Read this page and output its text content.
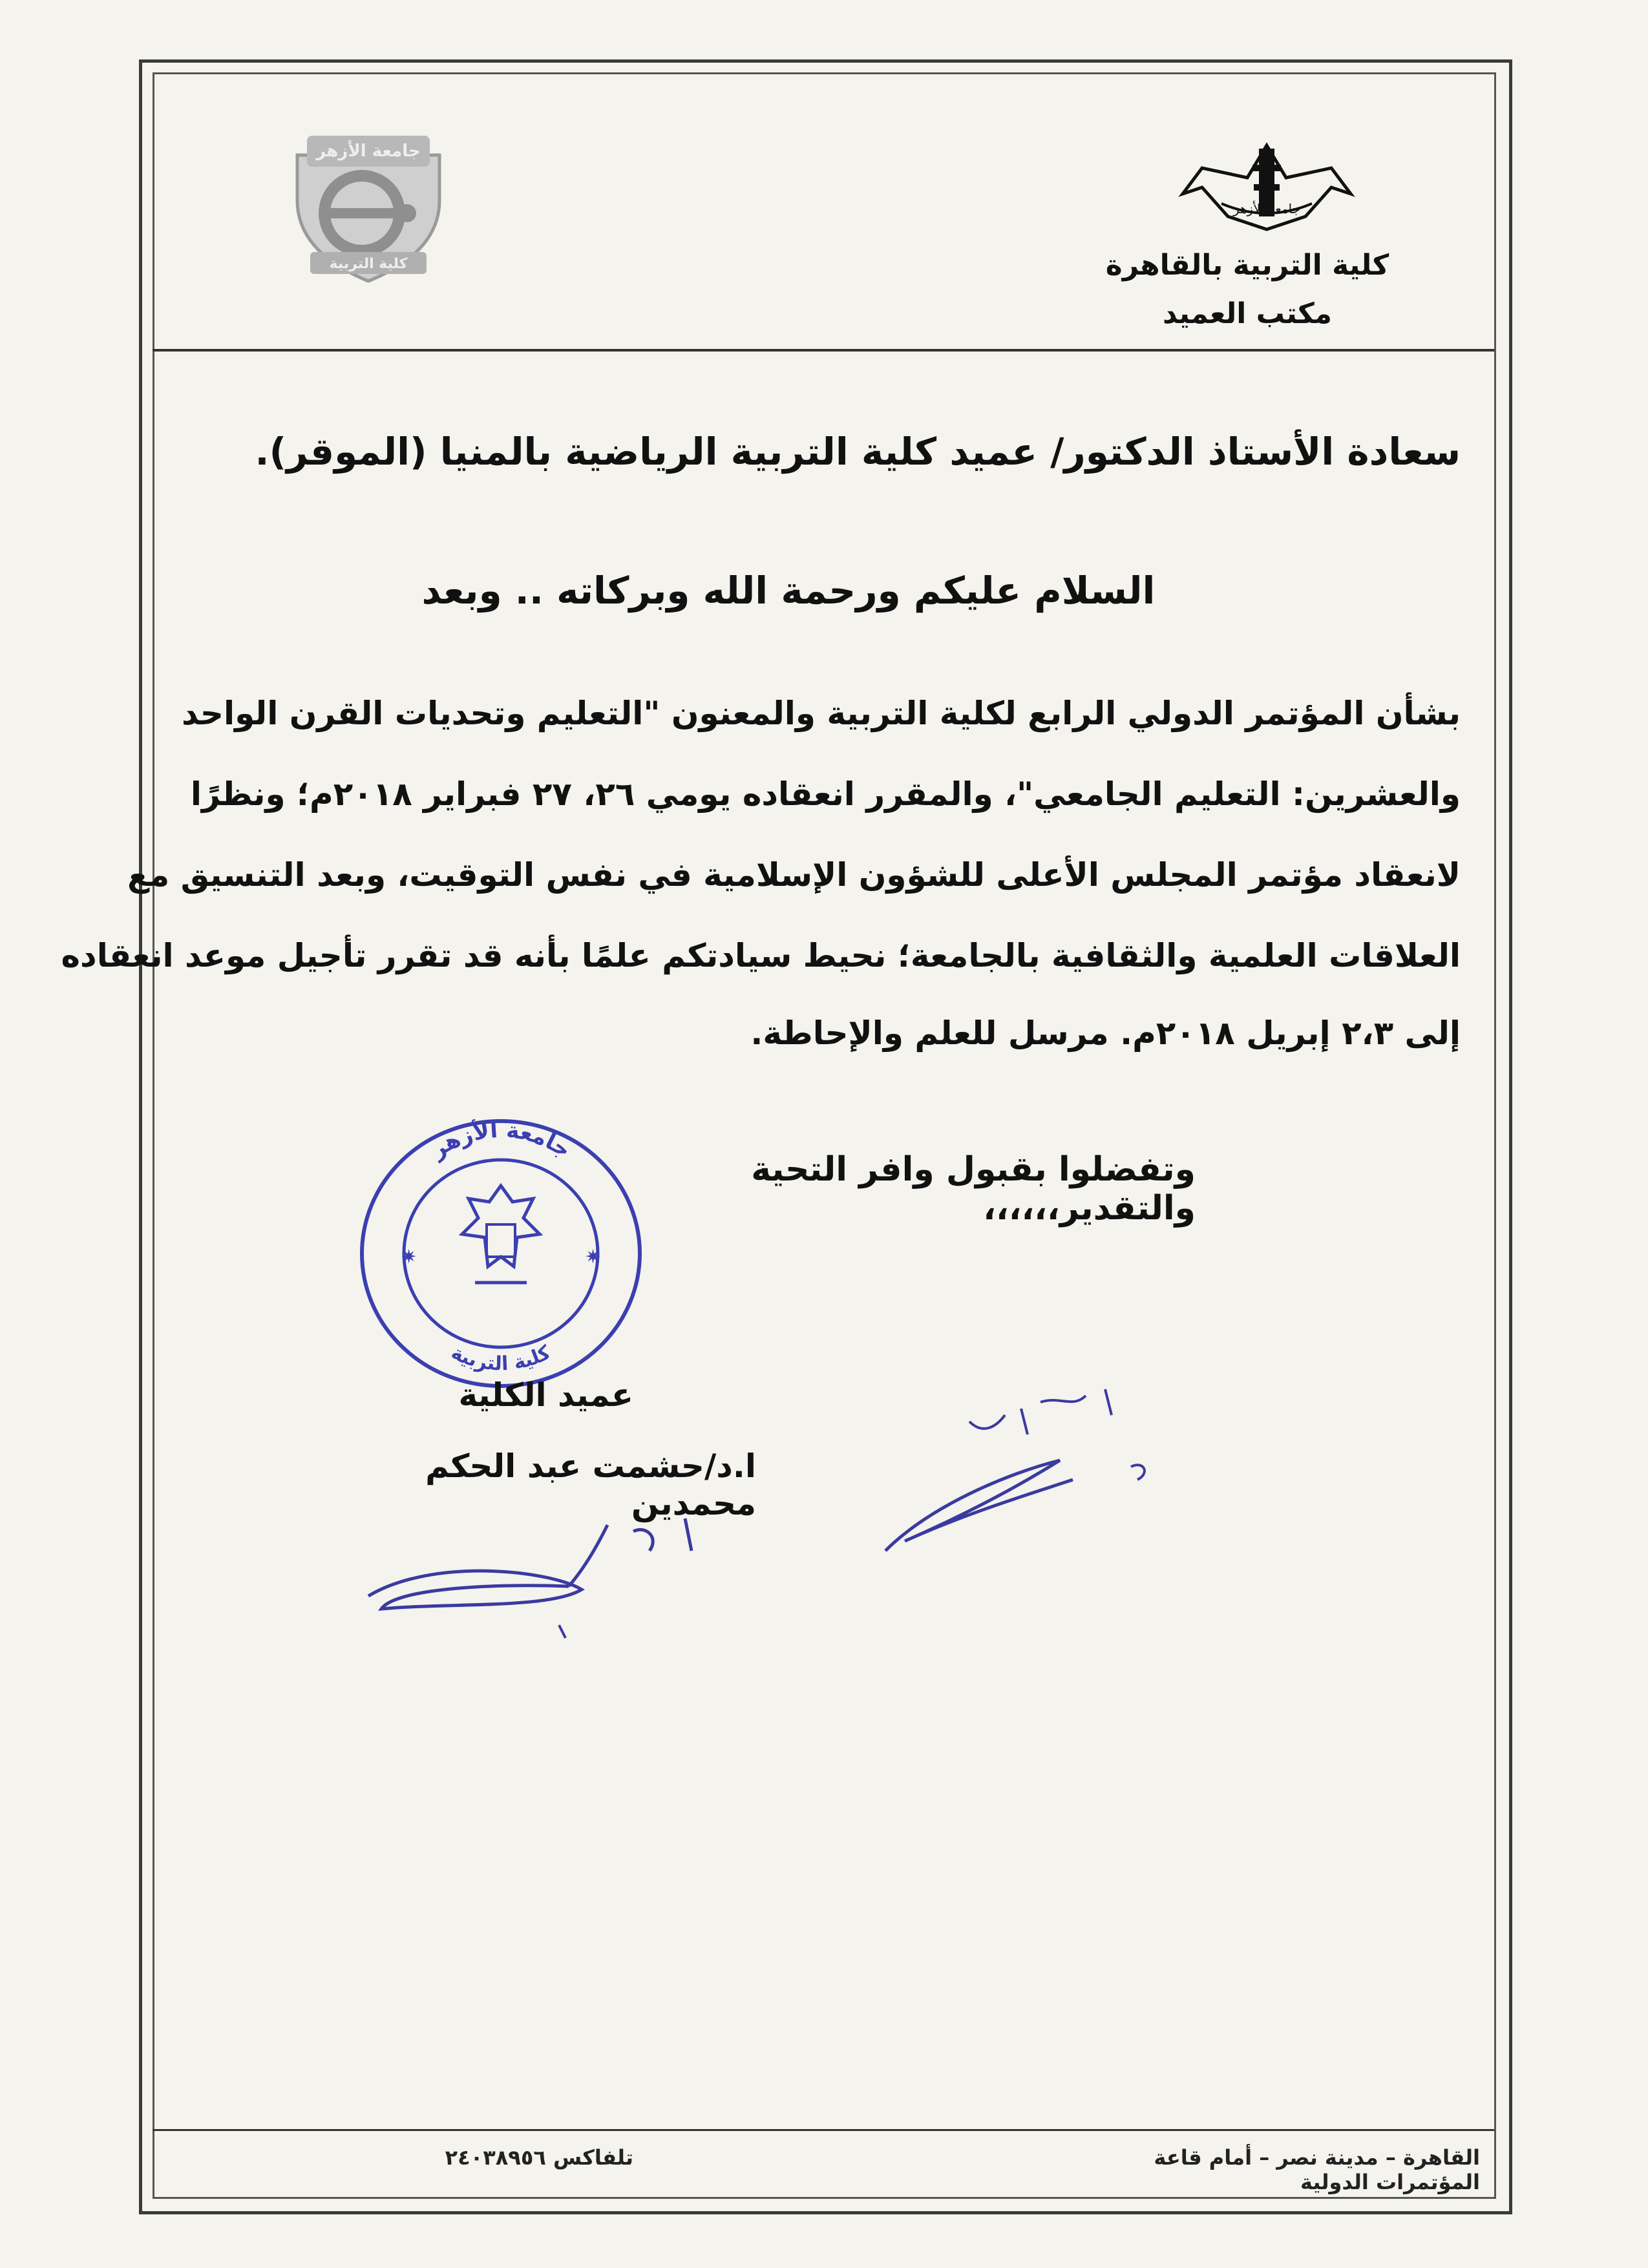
جامعة الأزهر
كلية التربية بالقاهرة
مكتب العميد
جامعة الأزهر
كلية التربية
سعادة الأستاذ الدكتور/ عميد كلية التربية الرياضية بالمنيا (الموقر).
السلام عليكم ورحمة الله وبركاته .. وبعد
بشأن المؤتمر الدولي الرابع لكلية التربية والمعنون "التعليم وتحديات القرن الواحد
والعشرين: التعليم الجامعي"، والمقرر انعقاده يومي ٢٦، ٢٧ فبراير ٢٠١٨م؛ ونظرًا
لانعقاد مؤتمر المجلس الأعلى للشؤون الإسلامية في نفس التوقيت، وبعد التنسيق مع
العلاقات العلمية والثقافية بالجامعة؛ نحيط سيادتكم علمًا بأنه قد تقرر تأجيل موعد انعقاده
إلى ٢،٣ إبريل ٢٠١٨م. مرسل للعلم والإحاطة.
وتفضلوا بقبول وافر التحية والتقدير،،،،،،
جامعة الأزهر
كلية التربية
✷	✷
عميد الكلية
ا.د/حشمت عبد الحكم محمدين
تلفاكس ٢٤٠٣٨٩٥٦	القاهرة – مدينة نصر – أمام قاعة المؤتمرات الدولية
